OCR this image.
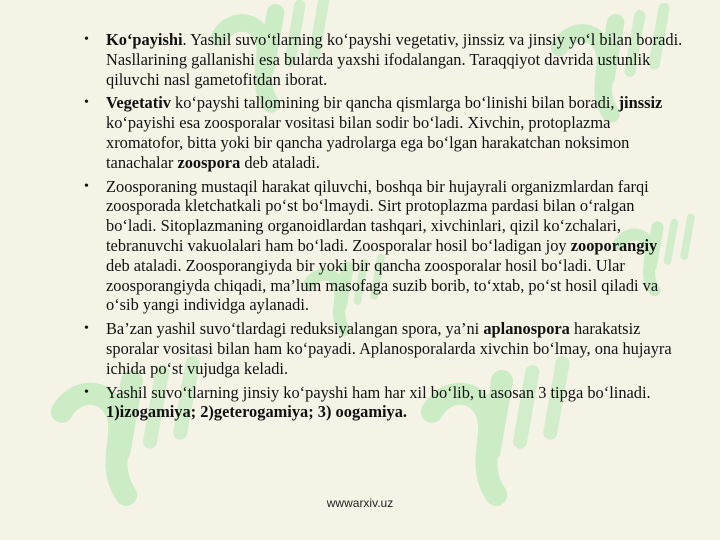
• Ko‘payishi. Yashil suvo‘tlarning ko‘payshi vegetativ, jinssiz va jinsiy yo‘l bilan boradi. Nasllarining gallanishi esa bularda yaxshi ifodalangan. Taraqqiyot davrida ustunlik qiluvchi nasl gametofitdan iborat.
• Vegetativ ko‘payshi tallomining bir qancha qismlarga bo‘linishi bilan boradi, jinssiz ko‘payishi esa zoosporalar vositasi bilan sodir bo‘ladi. Xivchin, protoplazma xromatofor, bitta yoki bir qancha yadrolarga ega bo‘lgan harakatchan noksimon tanachalar zoospora deb ataladi.
• Zoosporaning mustaqil harakat qiluvchi, boshqa bir hujayrali organizmlardan farqi zoosporada kletchatkali po‘st bo‘lmaydi. Sirt protoplazma pardasi bilan o‘ralgan bo‘ladi. Sitoplazmaning organoidlardan tashqari, xivchinlari, qizil ko‘zchalari, tebranuvchi vakuolalari ham bo‘ladi. Zoosporalar hosil bo‘ladigan joy zooporangiy deb ataladi. Zoosporangiyda bir yoki bir qancha zoosporalar hosil bo‘ladi. Ular zoosporangiyda chiqadi, ma’lum masofaga suzib borib, to‘xtab, po‘st hosil qiladi va o‘sib yangi individga aylanadi.
• Ba’zan yashil suvo‘tlardagi reduksiyalangan spora, ya’ni aplanospora harakatsiz sporalar vositasi bilan ham ko‘payadi. Aplanosporalarda xivchin bo‘lmay, ona hujayra ichida po‘st vujudga keladi.
• Yashil suvo‘tlarning jinsiy ko‘payshi ham har xil bo‘lib, u asosan 3 tipga bo‘linadi. 1)izogamiya; 2)geterogamiya; 3) oogamiya.
wwwarxiv.uz
